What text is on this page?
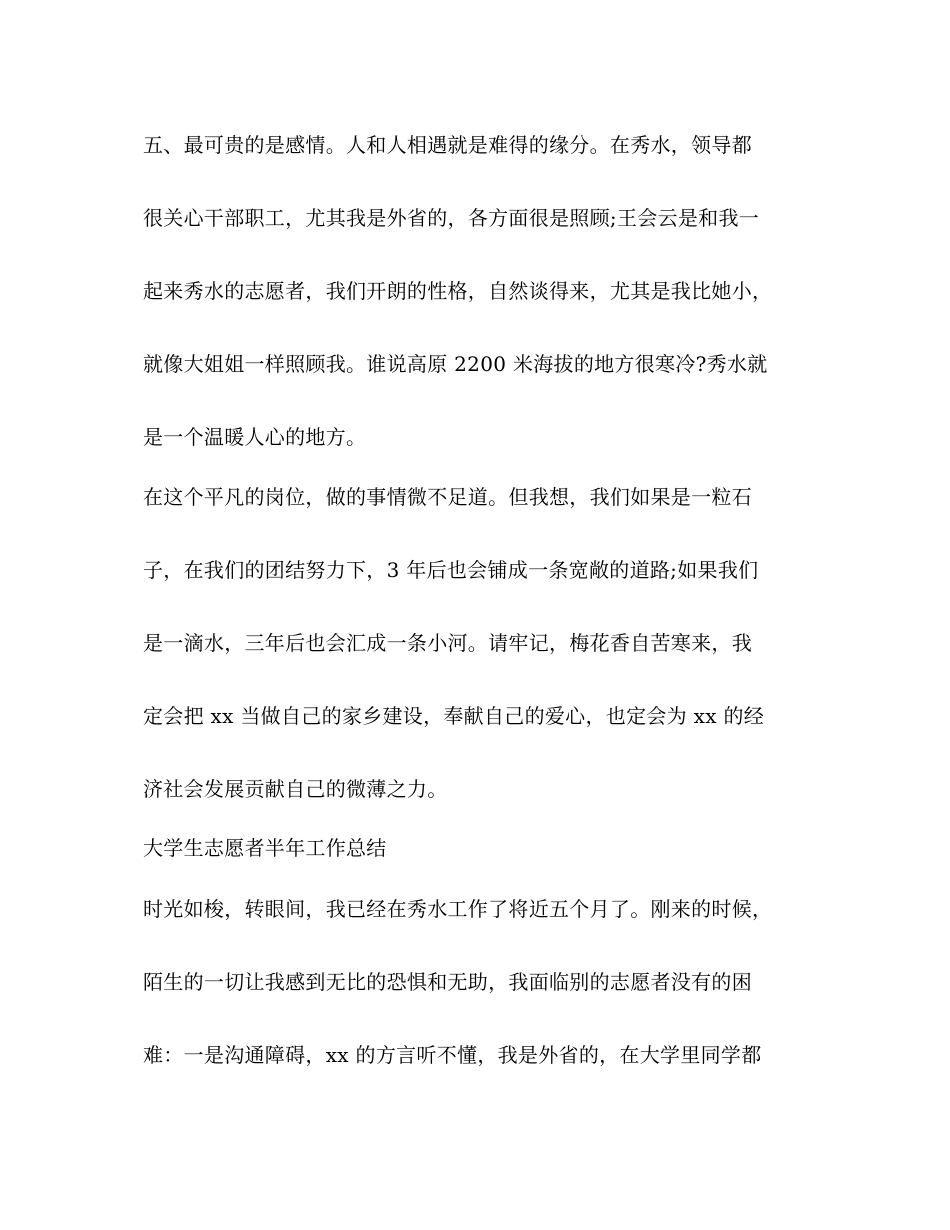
五、最可贵的是感情。人和人相遇就是难得的缘分。在秀水，领导都
很关心干部职工，尤其我是外省的，各方面很是照顾;王会云是和我一
起来秀水的志愿者，我们开朗的性格，自然谈得来，尤其是我比她小，
就像大姐姐一样照顾我。谁说高原 2200 米海拔的地方很寒冷?秀水就
是一个温暖人心的地方。
在这个平凡的岗位，做的事情微不足道。但我想，我们如果是一粒石
子，在我们的团结努力下，3 年后也会铺成一条宽敞的道路;如果我们
是一滴水，三年后也会汇成一条小河。请牢记，梅花香自苦寒来，我
定会把 xx 当做自己的家乡建设，奉献自己的爱心，也定会为 xx 的经
济社会发展贡献自己的微薄之力。
大学生志愿者半年工作总结
时光如梭，转眼间，我已经在秀水工作了将近五个月了。刚来的时候，
陌生的一切让我感到无比的恐惧和无助，我面临别的志愿者没有的困
难：一是沟通障碍，xx 的方言听不懂，我是外省的，在大学里同学都
